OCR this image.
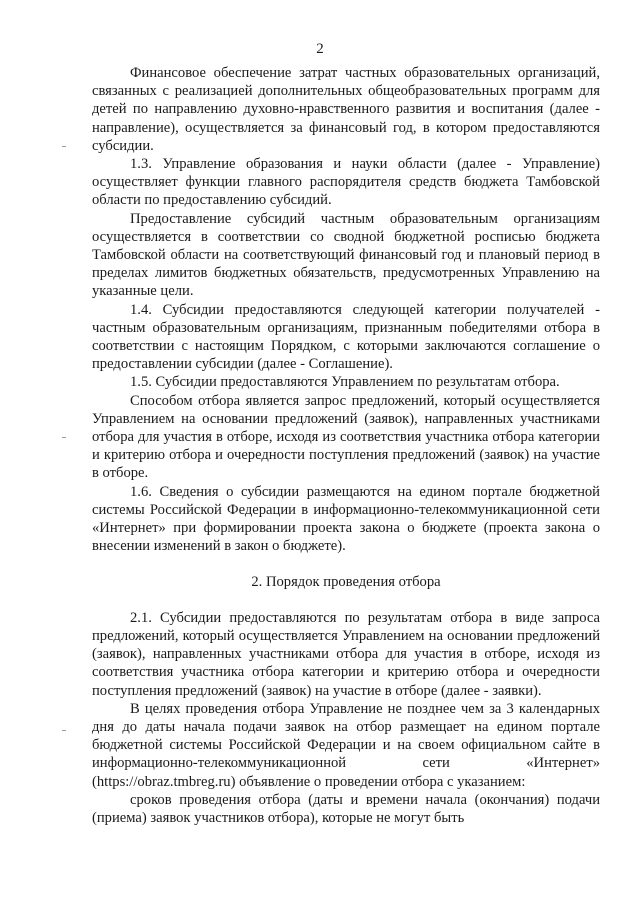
2

Финансовое обеспечение затрат частных образовательных организаций, связанных с реализацией дополнительных общеобразовательных программ для детей по направлению духовно-нравственного развития и воспитания (далее - направление), осуществляется за финансовый год, в котором предоставляются субсидии.

1.3. Управление образования и науки области (далее - Управление) осуществляет функции главного распорядителя средств бюджета Тамбовской области по предоставлению субсидий.

Предоставление субсидий частным образовательным организациям осуществляется в соответствии со сводной бюджетной росписью бюджета Тамбовской области на соответствующий финансовый год и плановый период в пределах лимитов бюджетных обязательств, предусмотренных Управлению на указанные цели.

1.4. Субсидии предоставляются следующей категории получателей - частным образовательным организациям, признанным победителями отбора в соответствии с настоящим Порядком, с которыми заключаются соглашение о предоставлении субсидии (далее - Соглашение).

1.5. Субсидии предоставляются Управлением по результатам отбора.

Способом отбора является запрос предложений, который осуществляется Управлением на основании предложений (заявок), направленных участниками отбора для участия в отборе, исходя из соответствия участника отбора категории и критерию отбора и очередности поступления предложений (заявок) на участие в отборе.

1.6. Сведения о субсидии размещаются на едином портале бюджетной системы Российской Федерации в информационно-телекоммуникационной сети «Интернет» при формировании проекта закона о бюджете (проекта закона о внесении изменений в закон о бюджете).

2. Порядок проведения отбора

2.1. Субсидии предоставляются по результатам отбора в виде запроса предложений, который осуществляется Управлением на основании предложений (заявок), направленных участниками отбора для участия в отборе, исходя из соответствия участника отбора категории и критерию отбора и очередности поступления предложений (заявок) на участие в отборе (далее - заявки).

В целях проведения отбора Управление не позднее чем за 3 календарных дня до даты начала подачи заявок на отбор размещает на едином портале бюджетной системы Российской Федерации и на своем официальном сайте в информационно-телекоммуникационной сети «Интернет» (https://obraz.tmbreg.ru) объявление о проведении отбора с указанием:

сроков проведения отбора (даты и времени начала (окончания) подачи (приема) заявок участников отбора), которые не могут быть
